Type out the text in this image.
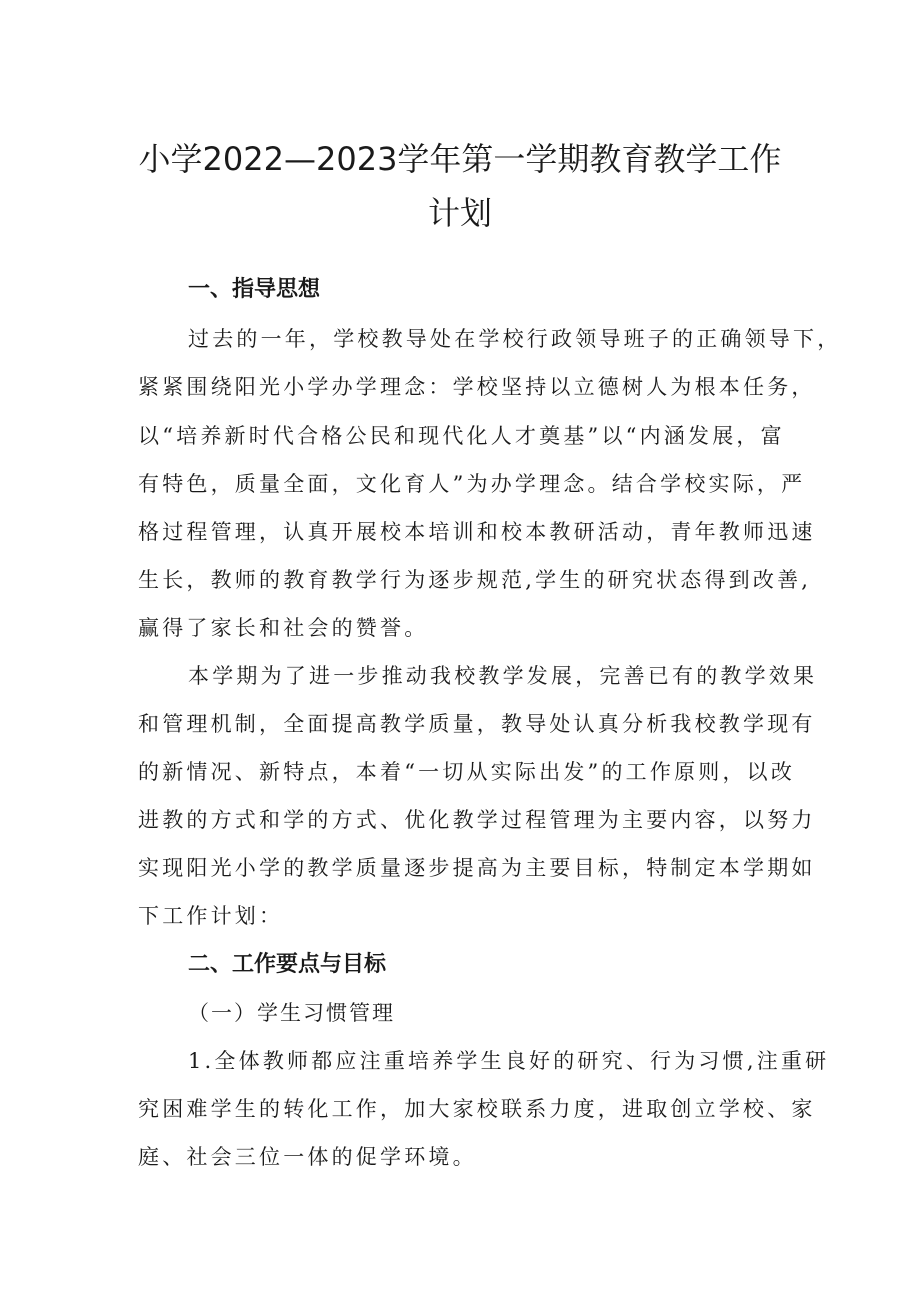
小学2022—2023学年第一学期教育教学工作
计划
一、指导思想

过去的一年，学校教导处在学校行政领导班子的正确领导下，

紧紧围绕阳光小学办学理念：学校坚持以立德树人为根本任务，

以“培养新时代合格公民和现代化人才奠基”以“内涵发展，富

有特色，质量全面，文化育人”为办学理念。结合学校实际，严

格过程管理，认真开展校本培训和校本教研活动，青年教师迅速

生长，教师的教育教学行为逐步规范,学生的研究状态得到改善,

赢得了家长和社会的赞誉。

本学期为了进一步推动我校教学发展，完善已有的教学效果

和管理机制，全面提高教学质量，教导处认真分析我校教学现有

的新情况、新特点，本着“一切从实际出发”的工作原则，以改

进教的方式和学的方式、优化教学过程管理为主要内容，以努力

实现阳光小学的教学质量逐步提高为主要目标，特制定本学期如

下工作计划：

二、工作要点与目标

（一）学生习惯管理

1.全体教师都应注重培养学生良好的研究、行为习惯,注重研

究困难学生的转化工作，加大家校联系力度，进取创立学校、家

庭、社会三位一体的促学环境。
